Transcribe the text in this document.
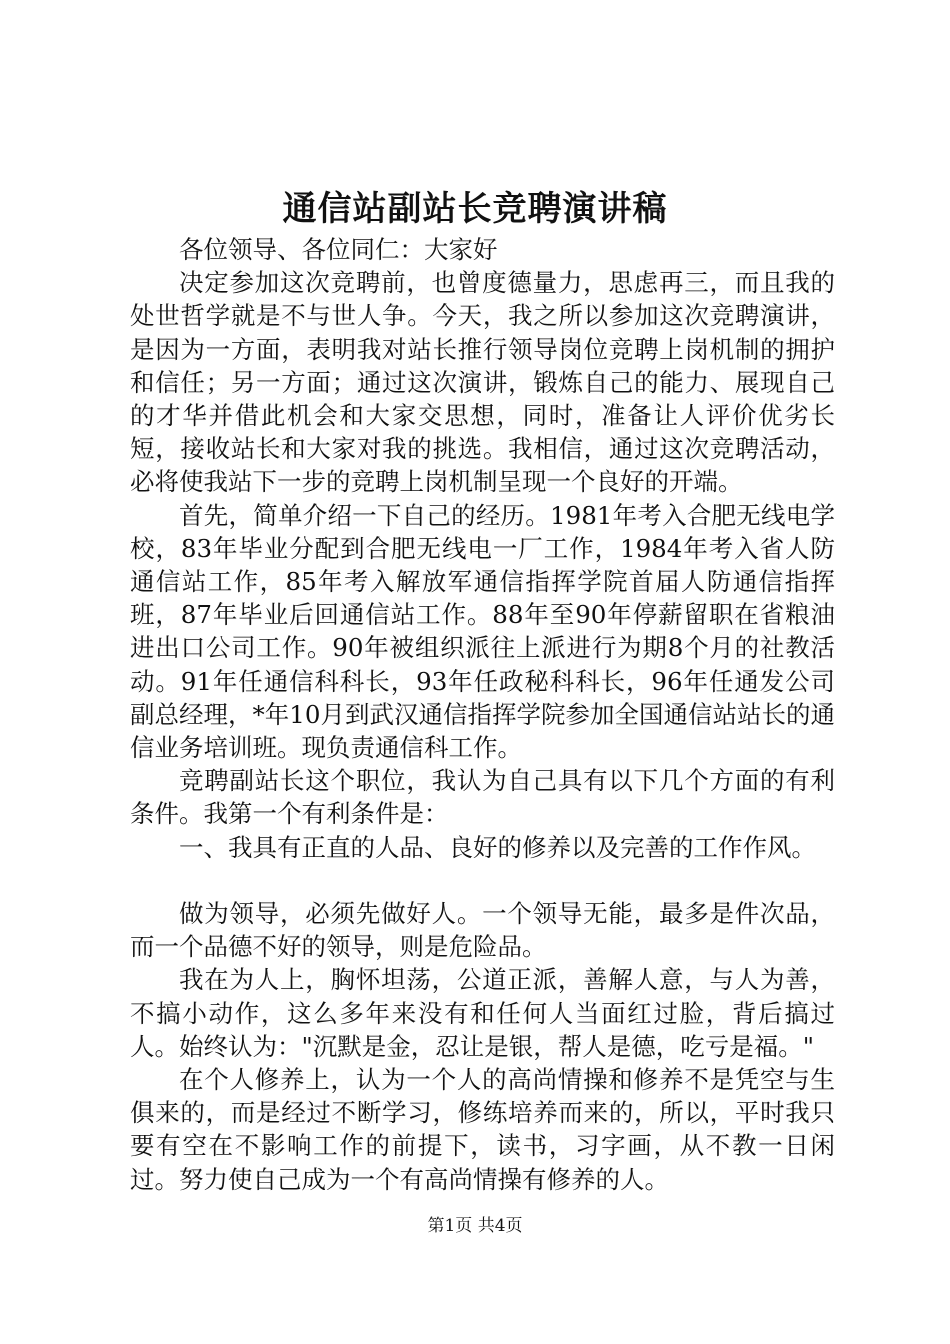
通信站副站长竞聘演讲稿

各位领导、各位同仁：大家好

决定参加这次竞聘前，也曾度德量力，思虑再三，而且我的处世哲学就是不与世人争。今天，我之所以参加这次竞聘演讲，是因为一方面，表明我对站长推行领导岗位竞聘上岗机制的拥护和信任；另一方面；通过这次演讲，锻炼自己的能力、展现自己的才华并借此机会和大家交思想，同时，准备让人评价优劣长短，接收站长和大家对我的挑选。我相信，通过这次竞聘活动，必将使我站下一步的竞聘上岗机制呈现一个良好的开端。

首先，简单介绍一下自己的经历。1981年考入合肥无线电学校，83年毕业分配到合肥无线电一厂工作，1984年考入省人防通信站工作，85年考入解放军通信指挥学院首届人防通信指挥班，87年毕业后回通信站工作。88年至90年停薪留职在省粮油进出口公司工作。90年被组织派往上派进行为期8个月的社教活动。91年任通信科科长，93年任政秘科科长，96年任通发公司副总经理，*年10月到武汉通信指挥学院参加全国通信站站长的通信业务培训班。现负责通信科工作。

竞聘副站长这个职位，我认为自己具有以下几个方面的有利条件。我第一个有利条件是：

一、我具有正直的人品、良好的修养以及完善的工作作风。

做为领导，必须先做好人。一个领导无能，最多是件次品，而一个品德不好的领导，则是危险品。

我在为人上，胸怀坦荡，公道正派，善解人意，与人为善，不搞小动作，这么多年来没有和任何人当面红过脸，背后搞过人。始终认为："沉默是金，忍让是银，帮人是德，吃亏是福。"

在个人修养上，认为一个人的高尚情操和修养不是凭空与生俱来的，而是经过不断学习，修练培养而来的，所以，平时我只要有空在不影响工作的前提下，读书，习字画，从不教一日闲过。努力使自己成为一个有高尚情操有修养的人。

第1页 共4页
